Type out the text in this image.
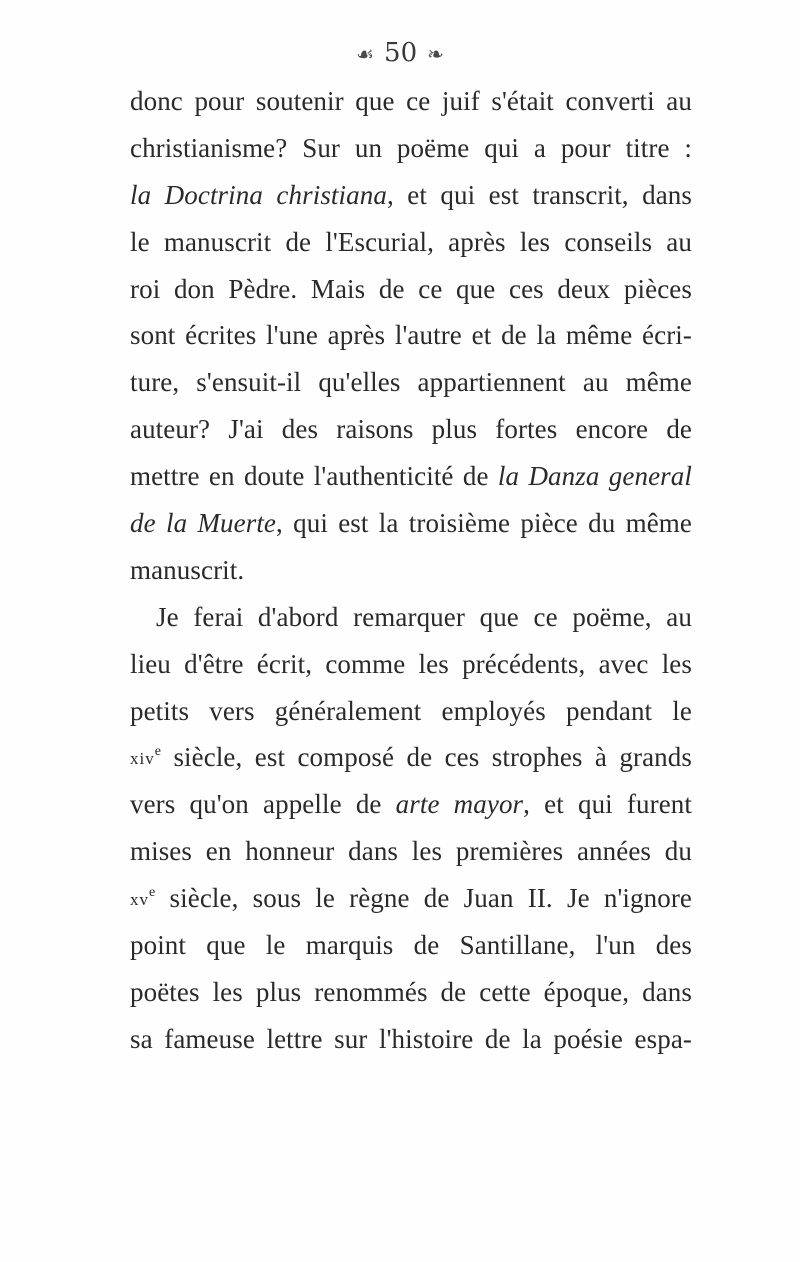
☙ 50 ❧
donc pour soutenir que ce juif s'était converti au
christianisme? Sur un poëme qui a pour titre :
la Doctrina christiana, et qui est transcrit, dans
le manuscrit de l'Escurial, après les conseils au
roi don Pèdre. Mais de ce que ces deux pièces
sont écrites l'une après l'autre et de la même écri-
ture, s'ensuit-il qu'elles appartiennent au même
auteur? J'ai des raisons plus fortes encore de
mettre en doute l'authenticité de la Danza general
de la Muerte, qui est la troisième pièce du même
manuscrit.
Je ferai d'abord remarquer que ce poëme, au
lieu d'être écrit, comme les précédents, avec les
petits vers généralement employés pendant le
xiv$^e$ siècle, est composé de ces strophes à grands
vers qu'on appelle de arte mayor, et qui furent
mises en honneur dans les premières années du
$xv^e$ siècle, sous le règne de Juan II. Je n'ignore
point que le marquis de Santillane, l'un des
poëtes les plus renommés de cette époque, dans
sa fameuse lettre sur l'histoire de la poésie espa-
